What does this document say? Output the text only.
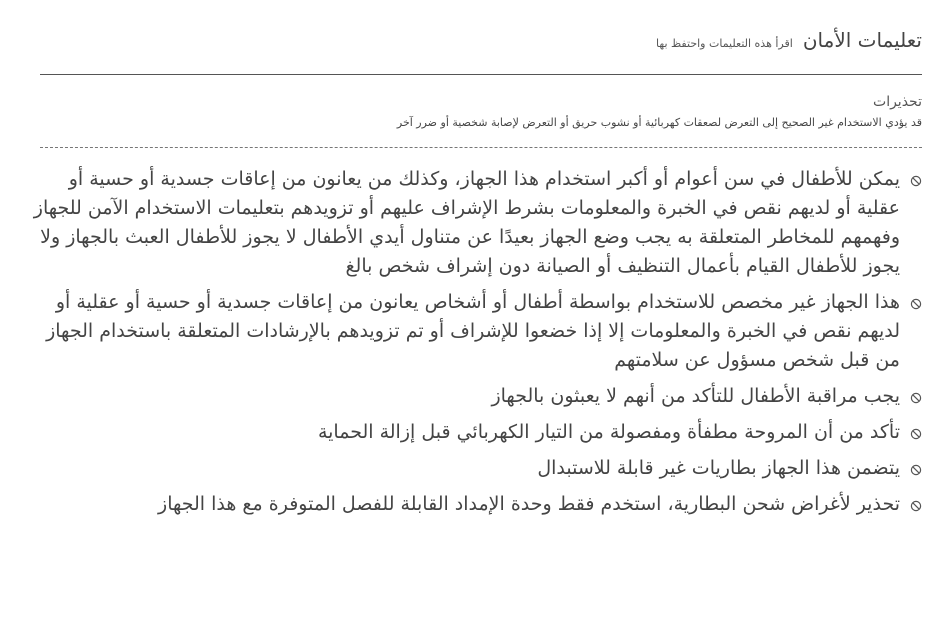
تعليمات الأمان
اقرأ هذه التعليمات واحتفظ بها

تحذيرات

قد يؤدي الاستخدام غير الصحيح إلى التعرض لصعقات كهربائية أو نشوب حريق أو التعرض لإصابة شخصية أو ضرر آخر

يمكن للأطفال في سن أعوام أو أكبر استخدام هذا الجهاز، وكذلك من يعانون من إعاقات جسدية أو حسية أو عقلية أو لديهم نقص في الخبرة والمعلومات بشرط الإشراف عليهم أو تزويدهم بتعليمات الاستخدام الآمن للجهاز وفهمهم للمخاطر المتعلقة به يجب وضع الجهاز بعيدًا عن متناول أيدي الأطفال لا يجوز للأطفال العبث بالجهاز ولا يجوز للأطفال القيام بأعمال التنظيف أو الصيانة دون إشراف شخص بالغ
هذا الجهاز غير مخصص للاستخدام بواسطة أطفال أو أشخاص يعانون من إعاقات جسدية أو حسية أو عقلية أو لديهم نقص في الخبرة والمعلومات إلا إذا خضعوا للإشراف أو تم تزويدهم بالإرشادات المتعلقة باستخدام الجهاز من قبل شخص مسؤول عن سلامتهم
يجب مراقبة الأطفال للتأكد من أنهم لا يعبثون بالجهاز
تأكد من أن المروحة مطفأة ومفصولة من التيار الكهربائي قبل إزالة الحماية
يتضمن هذا الجهاز بطاريات غير قابلة للاستبدال
تحذير لأغراض شحن البطارية، استخدم فقط وحدة الإمداد القابلة للفصل المتوفرة مع هذا الجهاز
